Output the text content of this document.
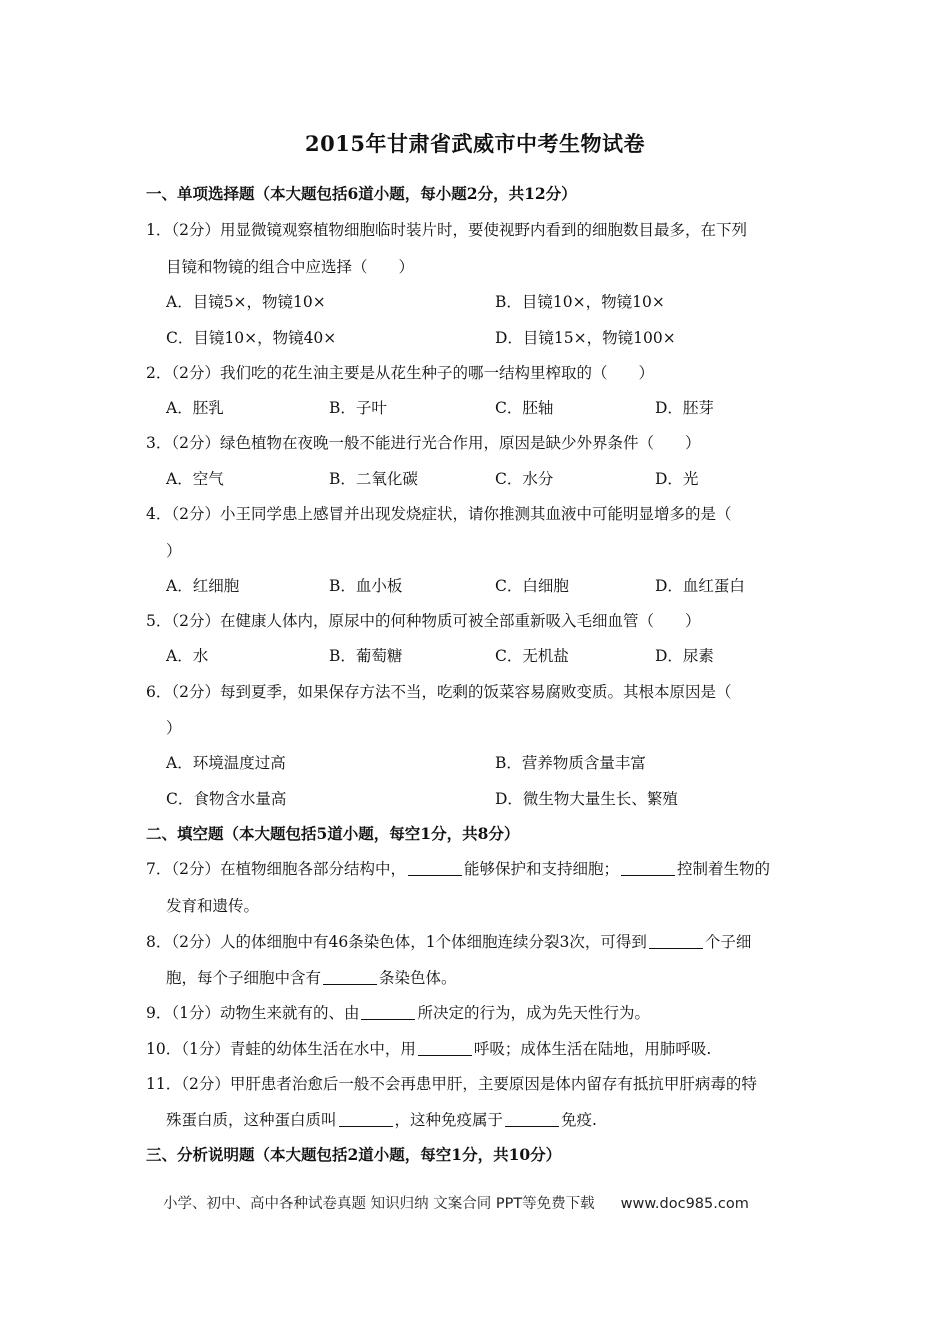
2015年甘肃省武威市中考生物试卷
一、单项选择题（本大题包括6道小题，每小题2分，共12分）
1．（2分）用显微镜观察植物细胞临时装片时，要使视野内看到的细胞数目最多，在下列
目镜和物镜的组合中应选择（　　）
A．目镜5×，物镜10×	B．目镜10×，物镜10×
C．目镜10×，物镜40×	D．目镜15×，物镜100×
2．（2分）我们吃的花生油主要是从花生种子的哪一结构里榨取的（　　）
A．胚乳	B．子叶	C．胚轴	D．胚芽
3．（2分）绿色植物在夜晚一般不能进行光合作用，原因是缺少外界条件（　　）
A．空气	B．二氧化碳	C．水分	D．光
4．（2分）小王同学患上感冒并出现发烧症状，请你推测其血液中可能明显增多的是（
）
A．红细胞	B．血小板	C．白细胞	D．血红蛋白
5．（2分）在健康人体内，原尿中的何种物质可被全部重新吸入毛细血管（　　）
A．水	B．葡萄糖	C．无机盐	D．尿素
6．（2分）每到夏季，如果保存方法不当，吃剩的饭菜容易腐败变质。其根本原因是（
）
A．环境温度过高	B．营养物质含量丰富
C．食物含水量高	D．微生物大量生长、繁殖
二、填空题（本大题包括5道小题，每空1分，共8分）
7．（2分）在植物细胞各部分结构中，	能够保护和支持细胞；	控制着生物的
发育和遗传。
8．（2分）人的体细胞中有46条染色体，1个体细胞连续分裂3次，可得到	个子细
胞，每个子细胞中含有	条染色体。
9．（1分）动物生来就有的、由	所决定的行为，成为先天性行为。
10．（1分）青蛙的幼体生活在水中，用	呼吸；成体生活在陆地，用肺呼吸.
11．（2分）甲肝患者治愈后一般不会再患甲肝，主要原因是体内留存有抵抗甲肝病毒的特
殊蛋白质，这种蛋白质叫	，这种免疫属于	免疫.
三、分析说明题（本大题包括2道小题，每空1分，共10分）
小学、初中、高中各种试卷真题 知识归纳 文案合同 PPT等免费下载 www.doc985.com
